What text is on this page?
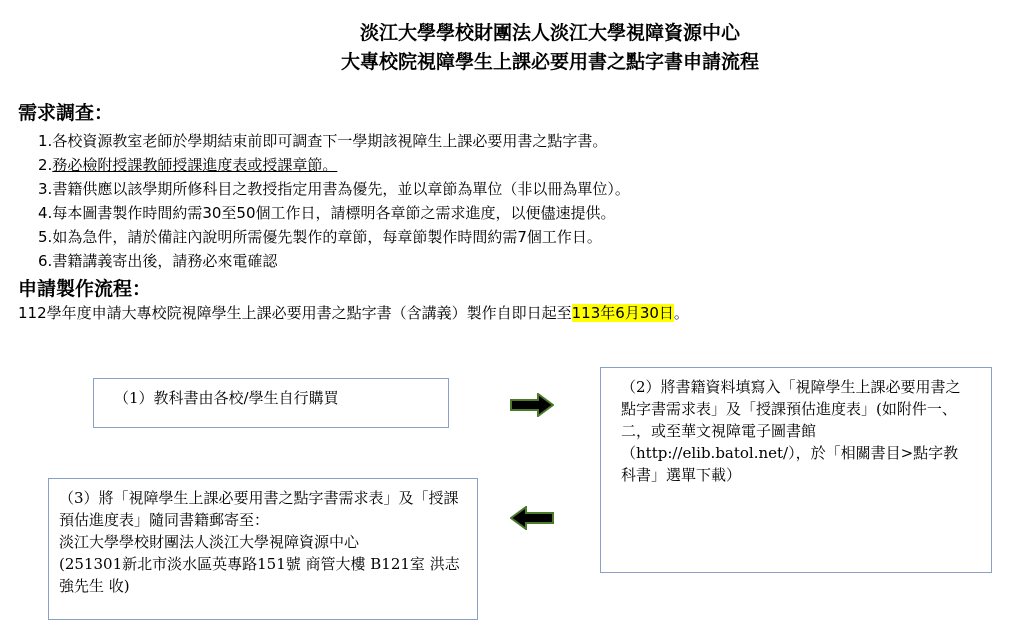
淡江大學學校財團法人淡江大學視障資源中心
大專校院視障學生上課必要用書之點字書申請流程
需求調查：
1.各校資源教室老師於學期結束前即可調查下一學期該視障生上課必要用書之點字書。
2.務必檢附授課教師授課進度表或授課章節。
3.書籍供應以該學期所修科目之教授指定用書為優先，並以章節為單位（非以冊為單位）。
4.每本圖書製作時間約需30至50個工作日，請標明各章節之需求進度，以便儘速提供。
5.如為急件，請於備註內說明所需優先製作的章節，每章節製作時間約需7個工作日。
6.書籍講義寄出後，請務必來電確認
申請製作流程：
112學年度申請大專校院視障學生上課必要用書之點字書（含講義）製作自即日起至113年6月30日。
（1）教科書由各校/學生自行購買
（2）將書籍資料填寫入「視障學生上課必要用書之點字書需求表」及「授課預估進度表」(如附件一、二，或至華文視障電子圖書館（http://elib.batol.net/），於「相關書目>點字教科書」選單下載）
（3）將「視障學生上課必要用書之點字書需求表」及「授課預估進度表」隨同書籍郵寄至：
淡江大學學校財團法人淡江大學視障資源中心
(251301新北市淡水區英專路151號 商管大樓 B121室 洪志強先生 收)
